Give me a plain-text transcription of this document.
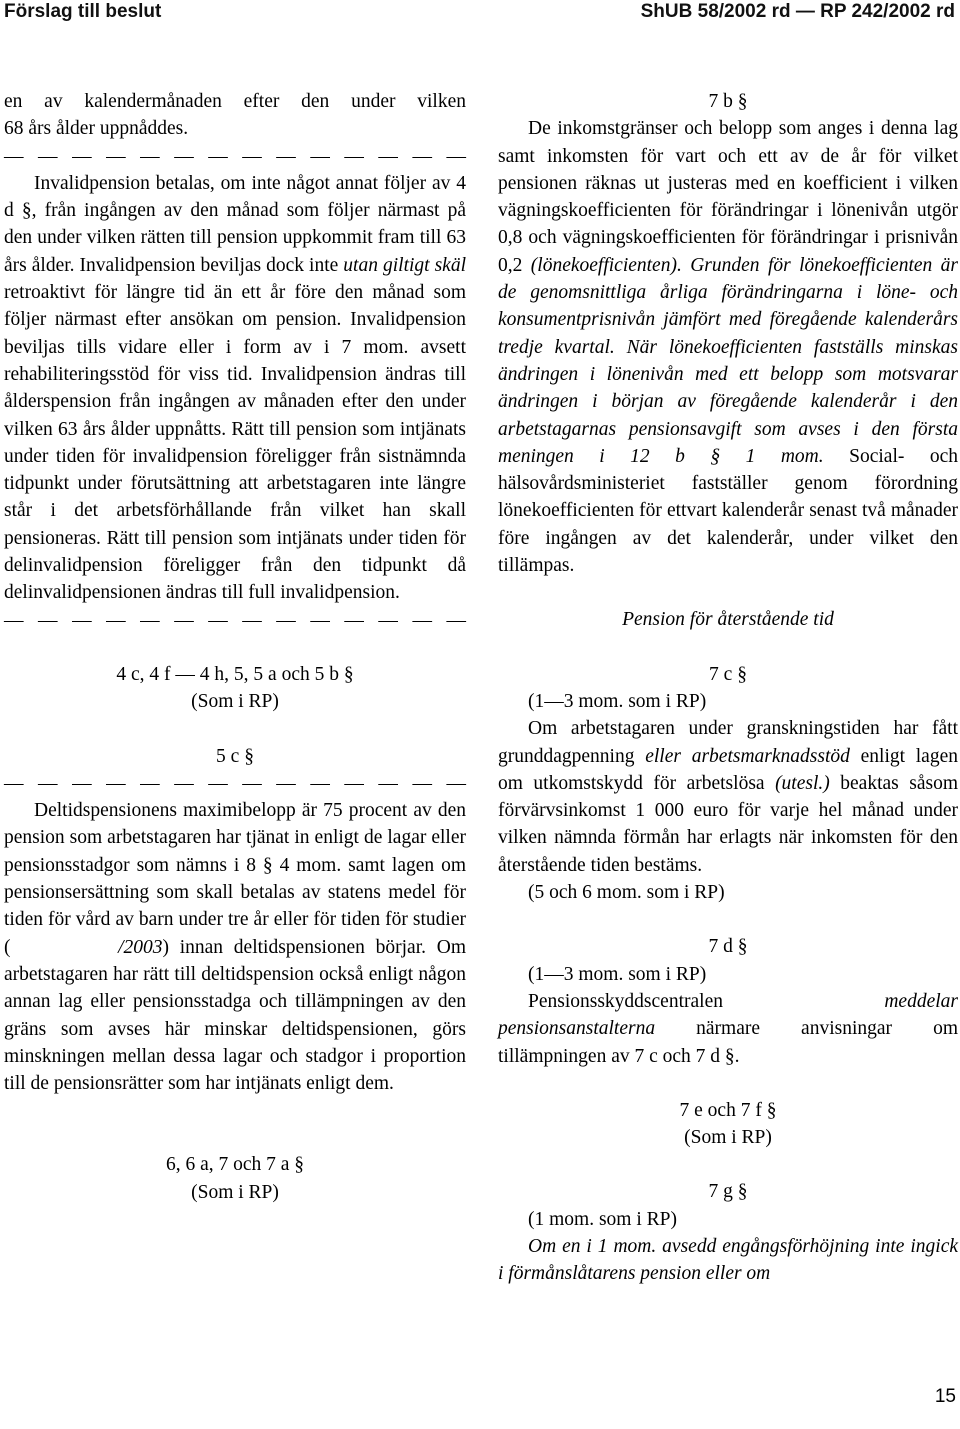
Förslag till beslut	ShUB 58/2002 rd — RP 242/2002 rd

en av kalendermånaden efter den under vilken

68 års ålder uppnåddes.

— — — — — — — — — — — — — —

Invalidpension betalas, om inte något annat följer av 4 d §, från ingången av den månad som följer närmast på den under vilken rätten till pension uppkommit fram till 63 års ålder. Invalidpension beviljas dock inte utan giltigt skäl retroaktivt för längre tid än ett år före den månad som följer närmast efter ansökan om pension. Invalidpension beviljas tills vidare eller i form av i 7 mom. avsett rehabiliteringsstöd för viss tid. Invalidpension ändras till ålderspension från ingången av månaden efter den under vilken 63 års ålder uppnåtts. Rätt till pension som intjänats under tiden för invalidpension föreligger från sistnämnda tidpunkt under förutsättning att arbetstagaren inte längre står i det arbetsförhållande från vilket han skall pensioneras. Rätt till pension som intjänats under tiden för delinvalidpension föreligger från den tidpunkt då delinvalidpensionen ändras till full invalidpension.

— — — — — — — — — — — — — —

4 c, 4 f — 4 h, 5, 5 a och 5 b §

(Som i RP)

5 c §

— — — — — — — — — — — — — —

Deltidspensionens maximibelopp är 75 procent av den pension som arbetstagaren har tjänat in enligt de lagar eller pensionsstadgor som nämns i 8 § 4 mom. samt lagen om pensionsersättning som skall betalas av statens medel för tiden för vård av barn under tre år eller för tiden för studier (	/2003) innan deltidspensionen börjar. Om arbetstagaren har rätt till deltidspension också enligt någon annan lag eller pensionsstadga och tillämpningen av den gräns som avses här minskar deltidspensionen, görs minskningen mellan dessa lagar och stadgor i proportion till de pensionsrätter som har intjänats enligt dem.

6, 6 a, 7 och 7 a §

(Som i RP)

7 b §

De inkomstgränser och belopp som anges i denna lag samt inkomsten för vart och ett av de år för vilket pensionen räknas ut justeras med en koefficient i vilken vägningskoefficienten för förändringar i lönenivån utgör 0,8 och vägningskoefficienten för förändringar i prisnivån 0,2 (lönekoefficienten). Grunden för lönekoefficienten är de genomsnittliga årliga förändringarna i löne- och konsumentprisnivån jämfört med föregående kalenderårs tredje kvartal. När lönekoefficienten fastställs minskas ändringen i lönenivån med ett belopp som motsvarar ändringen i början av föregående kalenderår i den arbetstagarnas pensionsavgift som avses i den första meningen i 12 b § 1 mom. Social- och hälsovårdsministeriet fastställer genom förordning lönekoefficienten för ettvart kalenderår senast två månader före ingången av det kalenderår, under vilket den tillämpas.

Pension för återstående tid

7 c §

(1—3 mom. som i RP)

Om arbetstagaren under granskningstiden har fått grunddagpenning eller arbetsmarknadsstöd enligt lagen om utkomstskydd för arbetslösa (utesl.) beaktas såsom förvärvsinkomst 1 000 euro för varje hel månad under vilken nämnda förmån har erlagts när inkomsten för den återstående tiden bestäms.

(5 och 6 mom. som i RP)

7 d §

(1—3 mom. som i RP)

Pensionsskyddscentralen meddelar pensionsanstalterna närmare anvisningar om tillämpningen av 7 c och 7 d §.

7 e och 7 f §

(Som i RP)

7 g §

(1 mom. som i RP)

Om en i 1 mom. avsedd engångsförhöjning inte ingick i förmånslåtarens pension eller om

15
